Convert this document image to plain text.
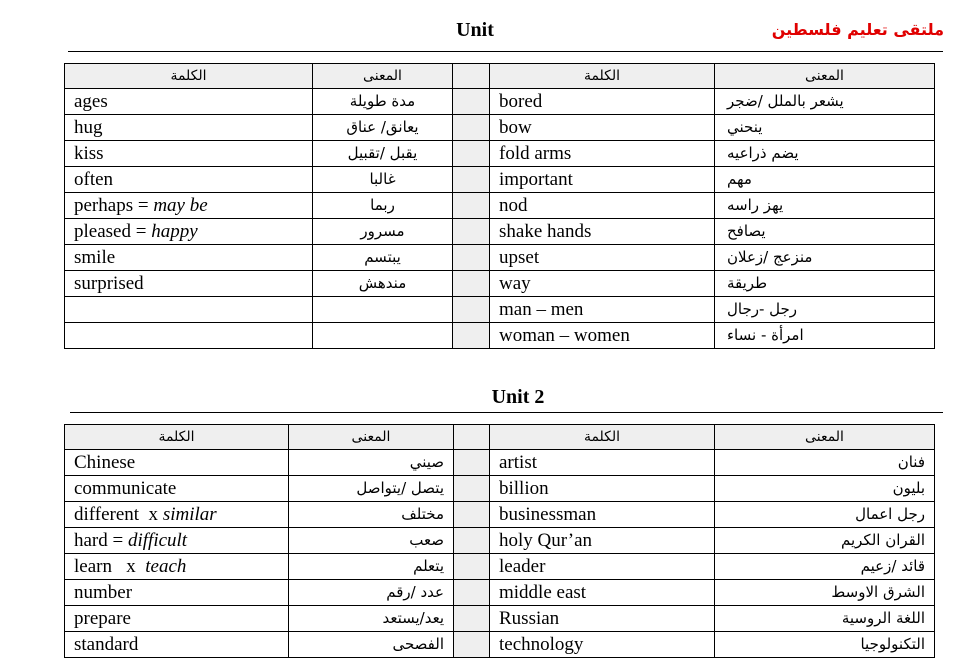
ملتقى تعليم فلسطين
Unit
الكلمة	المعنى		الكلمة	المعنى
ages	مدة طويلة		bored	يشعر بالملل /ضجر
hug	يعانق/ عناق		bow	ينحني
kiss	يقبل /تقبيل		fold arms	يضم ذراعيه
often	غالبا		important	مهم
perhaps = may be	ربما		nod	يهز راسه
pleased = happy	مسرور		shake hands	يصافح
smile	يبتسم		upset	منزعج /زعلان
surprised	مندهش		way	طريقة
			man – men	رجل -رجال
			woman – women	امرأة - نساء
Unit 2
الكلمة	المعنى		الكلمة	المعنى
Chinese	صيني		artist	فنان
communicate	يتصل /يتواصل		billion	بليون
different  x similar	مختلف		businessman	رجل اعمال
hard = difficult	صعب		holy Qur’an	القران الكريم
learn   x  teach	يتعلم		leader	قائد /زعيم
number	عدد /رقم		middle east	الشرق الاوسط
prepare	يعد/يستعد		Russian	اللغة الروسية
standard	الفصحى		technology	التكنولوجيا
